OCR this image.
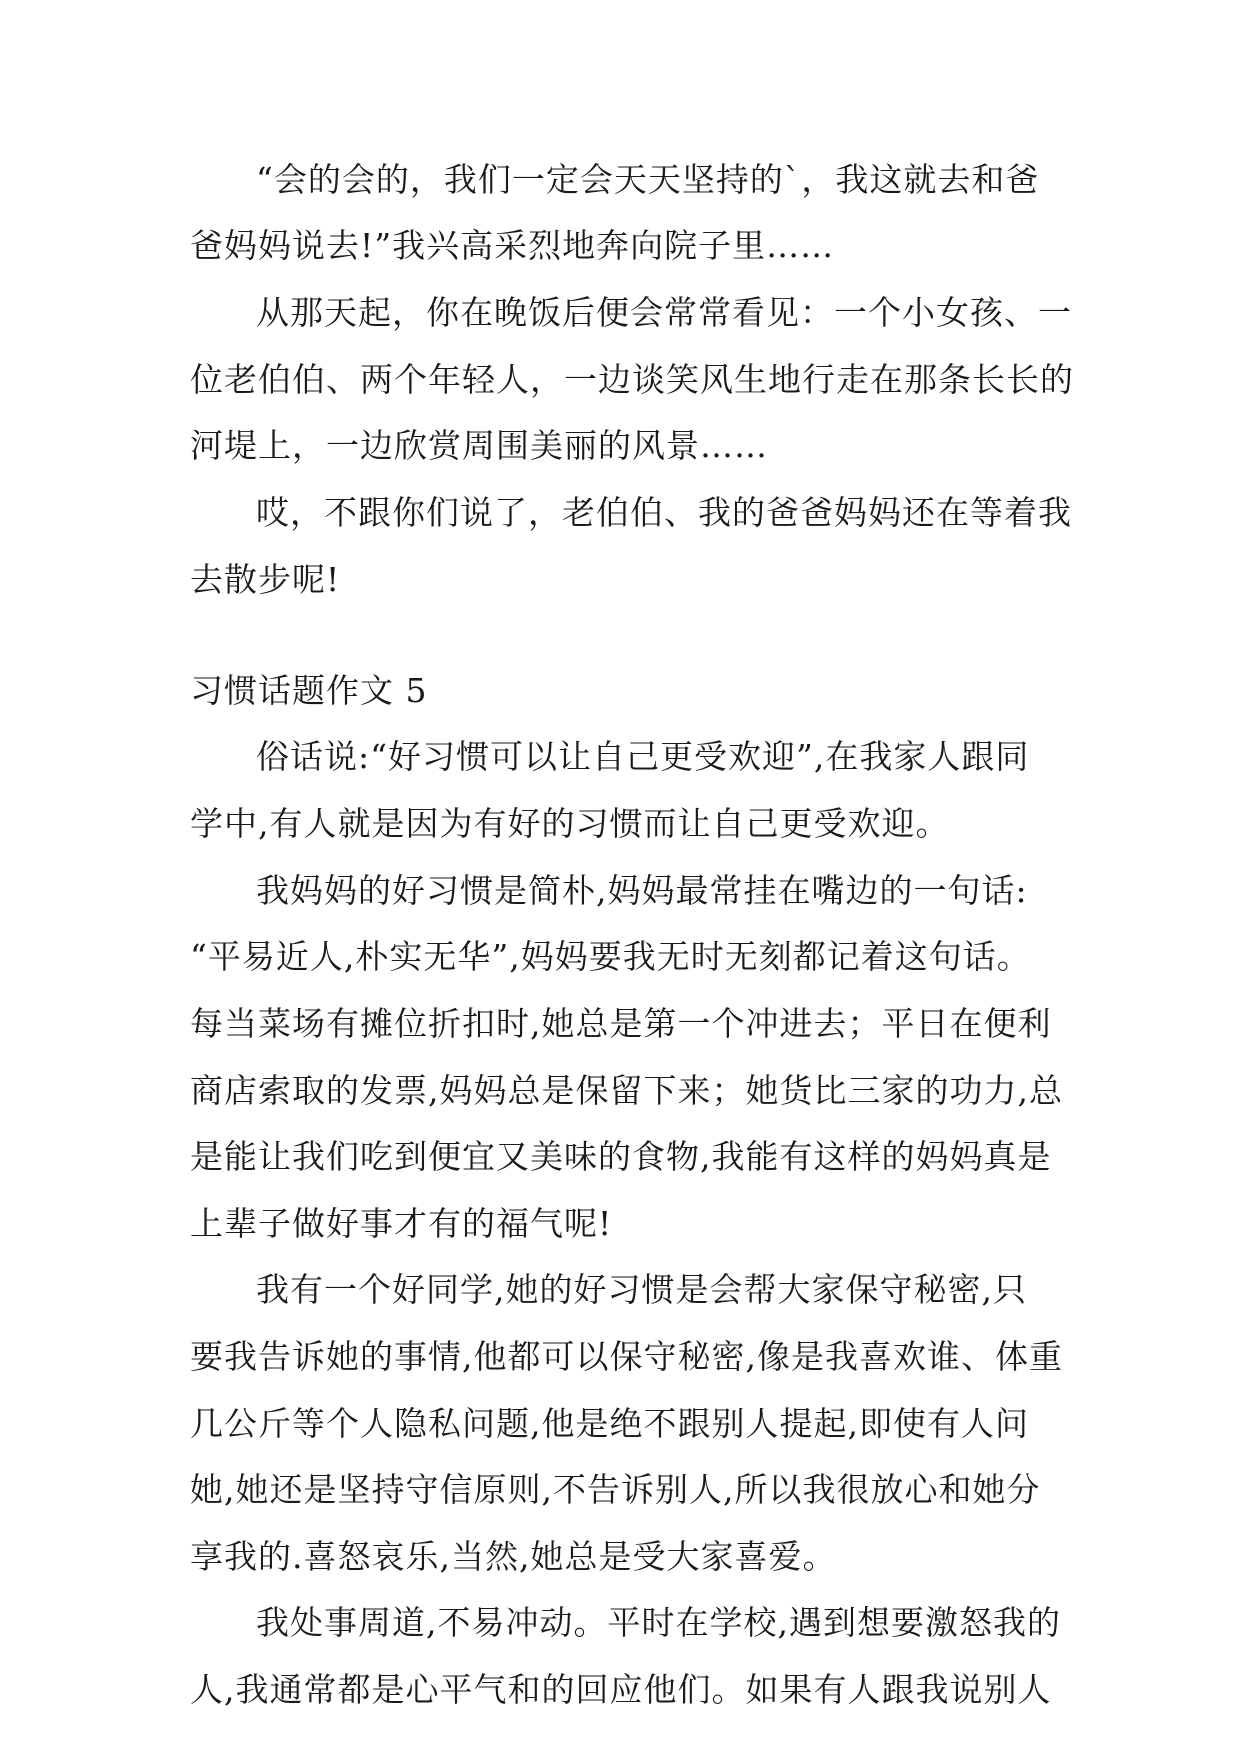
“会的会的，我们一定会天天坚持的`，我这就去和爸
爸妈妈说去!”我兴高采烈地奔向院子里……
从那天起，你在晚饭后便会常常看见：一个小女孩、一
位老伯伯、两个年轻人，一边谈笑风生地行走在那条长长的
河堤上，一边欣赏周围美丽的风景……
哎，不跟你们说了，老伯伯、我的爸爸妈妈还在等着我
去散步呢!
习惯话题作文 5
俗话说:“好习惯可以让自己更受欢迎”,在我家人跟同
学中,有人就是因为有好的习惯而让自己更受欢迎。
我妈妈的好习惯是简朴,妈妈最常挂在嘴边的一句话:
“平易近人,朴实无华”,妈妈要我无时无刻都记着这句话。
每当菜场有摊位折扣时,她总是第一个冲进去；平日在便利
商店索取的发票,妈妈总是保留下来；她货比三家的功力,总
是能让我们吃到便宜又美味的食物,我能有这样的妈妈真是
上辈子做好事才有的福气呢!
我有一个好同学,她的好习惯是会帮大家保守秘密,只
要我告诉她的事情,他都可以保守秘密,像是我喜欢谁、体重
几公斤等个人隐私问题,他是绝不跟别人提起,即使有人问
她,她还是坚持守信原则,不告诉别人,所以我很放心和她分
享我的.喜怒哀乐,当然,她总是受大家喜爱。
我处事周道,不易冲动。平时在学校,遇到想要激怒我的
人,我通常都是心平气和的回应他们。如果有人跟我说别人
